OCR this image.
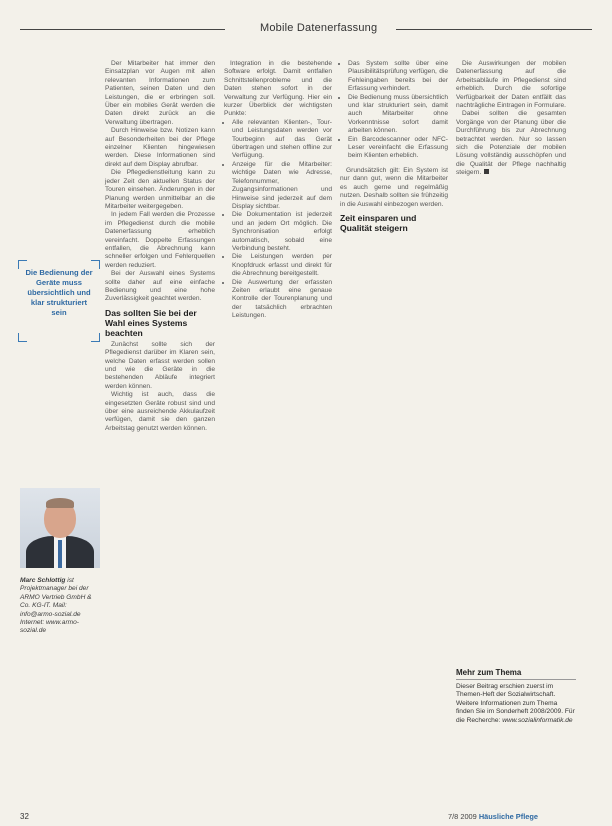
Mobile Datenerfassung
Die Bedienung der Geräte muss übersichtlich und klar strukturiert sein
Marc Schlottig ist Projektmanager bei der ARMO Vertrieb GmbH & Co. KG-IT. Mail: info@armo-sozial.de Internet: www.armo-sozial.de

Der Mitarbeiter hat immer den Einsatzplan vor Augen mit allen relevanten Informationen zum Patienten, seinen Daten und den Leistungen, die er erbringen soll. Über ein mobiles Gerät werden die Daten direkt zurück an die Verwaltung übertragen.

Durch Hinweise bzw. Notizen kann auf Besonderheiten bei der Pflege einzelner Klienten hingewiesen werden. Diese Informationen sind direkt auf dem Display abrufbar.

Die Pflegedienstleitung kann zu jeder Zeit den aktuellen Status der Touren einsehen. Änderungen in der Planung werden unmittelbar an die Mitarbeiter weitergegeben.

In jedem Fall werden die Prozesse im Pflegedienst durch die mobile Datenerfassung erheblich vereinfacht. Doppelte Erfassungen entfallen, die Abrechnung kann schneller erfolgen und Fehlerquellen werden reduziert.

Bei der Auswahl eines Systems sollte daher auf eine einfache Bedienung und eine hohe Zuverlässigkeit geachtet werden.

Das sollten Sie bei der Wahl eines Systems beachten

Zunächst sollte sich der Pflegedienst darüber im Klaren sein, welche Daten erfasst werden sollen und wie die Geräte in die bestehenden Abläufe integriert werden können.

Wichtig ist auch, dass die eingesetzten Geräte robust sind und über eine ausreichende Akkulaufzeit verfügen, damit sie den ganzen Arbeitstag genutzt werden können.

Integration in die bestehende Software erfolgt. Damit entfallen Schnittstellenprobleme und die Daten stehen sofort in der Verwaltung zur Verfügung. Hier ein kurzer Überblick der wichtigsten Punkte:

• Alle relevanten Klienten-, Tour- und Leistungsdaten werden vor Tourbeginn auf das Gerät übertragen und stehen offline zur Verfügung.
• Anzeige für die Mitarbeiter: wichtige Daten wie Adresse, Telefonnummer, Zugangsinformationen und Hinweise sind jederzeit auf dem Display sichtbar.
• Die Dokumentation ist jederzeit und an jedem Ort möglich. Die Synchronisation erfolgt automatisch, sobald eine Verbindung besteht.
• Die Leistungen werden per Knopfdruck erfasst und direkt für die Abrechnung bereitgestellt.
• Die Auswertung der erfassten Zeiten erlaubt eine genaue Kontrolle der Tourenplanung und der tatsächlich erbrachten Leistungen.
• Das System sollte über eine Plausibilitätsprüfung verfügen, die Fehleingaben bereits bei der Erfassung verhindert.
• Die Bedienung muss übersichtlich und klar strukturiert sein, damit auch Mitarbeiter ohne Vorkenntnisse sofort damit arbeiten können.
• Ein Barcodescanner oder NFC-Leser vereinfacht die Erfassung beim Klienten erheblich.

Grundsätzlich gilt: Ein System ist nur dann gut, wenn die Mitarbeiter es auch gerne und regelmäßig nutzen. Deshalb sollten sie frühzeitig in die Auswahl einbezogen werden.

Zeit einsparen und Qualität steigern

Die Auswirkungen der mobilen Datenerfassung auf die Arbeitsabläufe im Pflegedienst sind erheblich. Durch die sofortige Verfügbarkeit der Daten entfällt das nachträgliche Eintragen in Formulare.

Dabei sollten die gesamten Vorgänge von der Planung über die Durchführung bis zur Abrechnung betrachtet werden. Nur so lassen sich die Potenziale der mobilen Lösung vollständig ausschöpfen und die Qualität der Pflege nachhaltig steigern.

Mehr zum Thema
Dieser Beitrag erschien zuerst im Themen-Heft der Sozialwirtschaft. Weitere Informationen zum Thema finden Sie im Sonderheft 2008/2009. Für die Recherche: www.sozialinformatik.de
32	7/8 2009 Häusliche Pflege
